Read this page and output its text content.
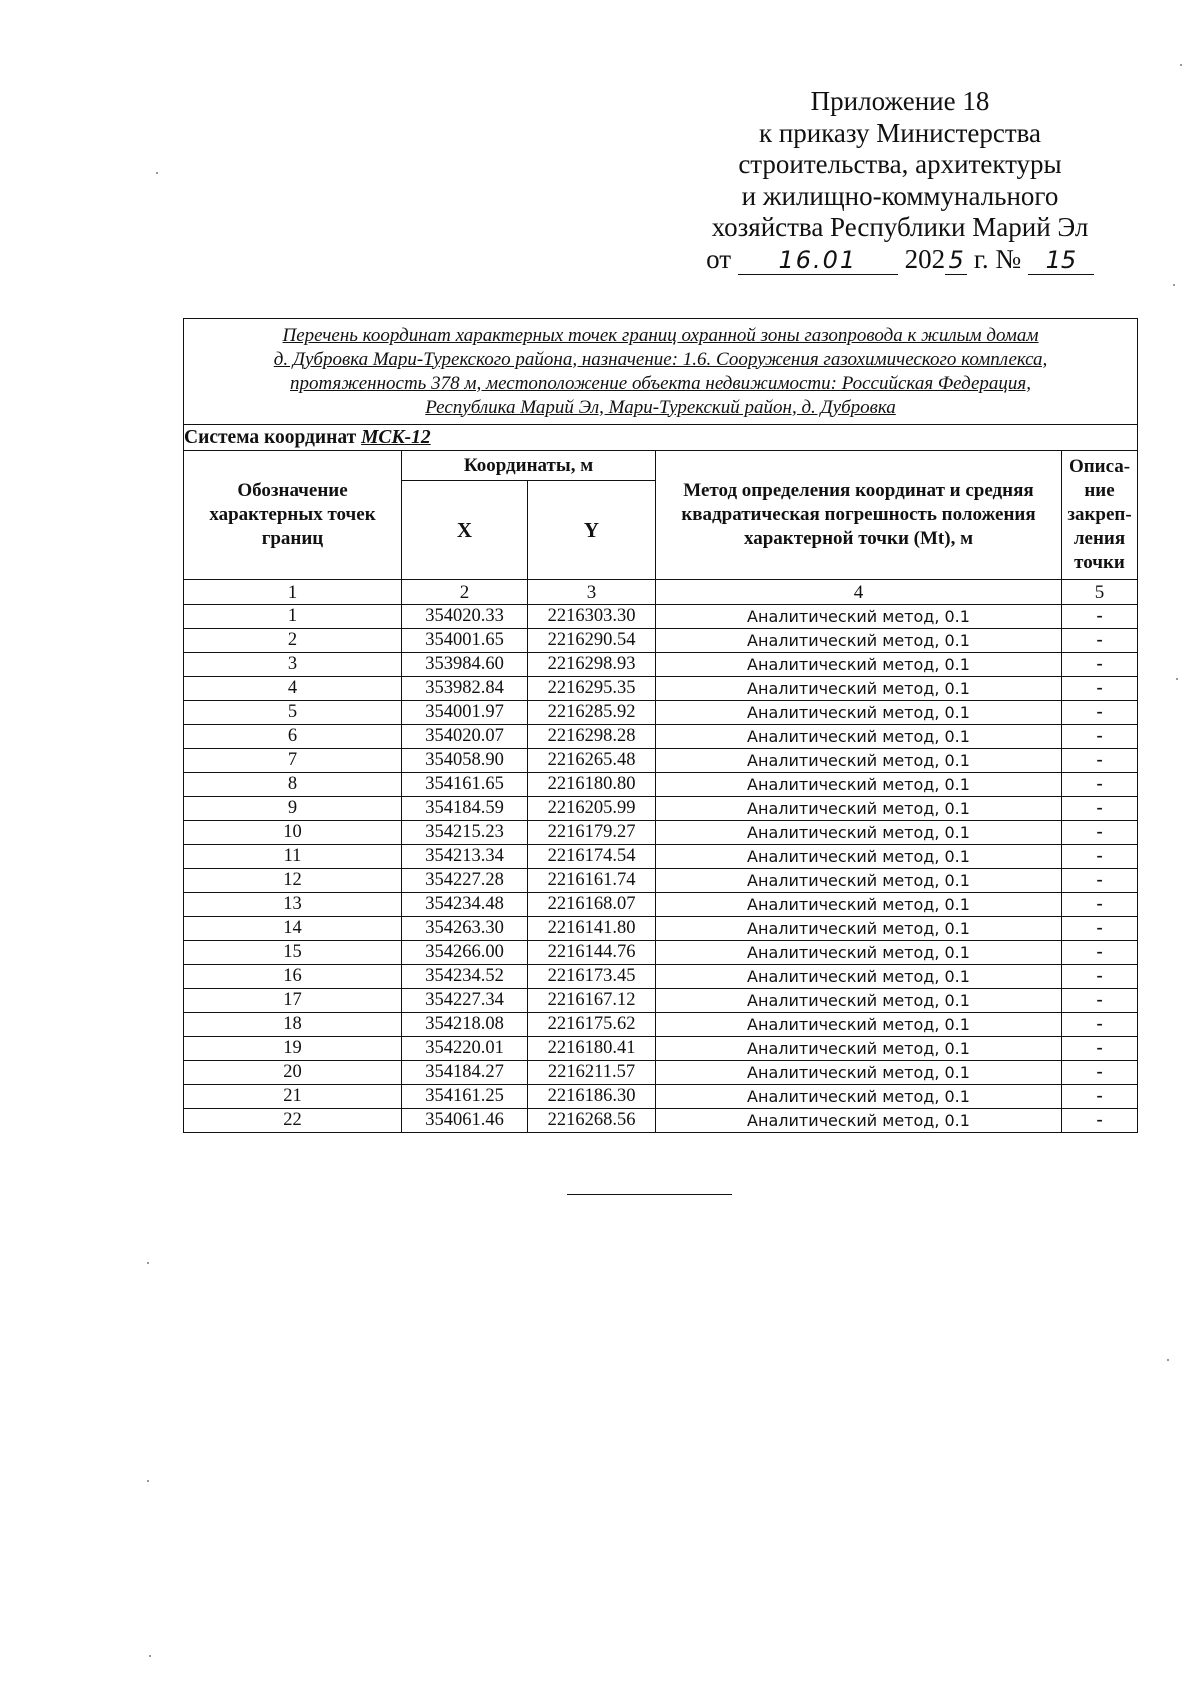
Приложение 18
к приказу Министерства
строительства, архитектуры
и жилищно-коммунального
хозяйства Республики Марий Эл
от 16.01 202 5 г. № 15
Перечень координат характерных точек границ охранной зоны газопровода к жилым домам
д. Дубровка Мари-Турекского района, назначение: 1.6. Сооружения газохимического комплекса,
протяженность 378 м, местоположение объекта недвижимости: Российская Федерация,
Республика Марий Эл, Мари-Турекский район, д. Дубровка				

Система координат МСК-12				
Обозначение характерных точек границ	Координаты, м		Метод определения координат и средняя квадратическая погрешность положения характерной точки (Mt), м	Описа-ние закреп-ления точки
	X	Y		
1	2	3	4	5
1	354020.33	2216303.30	Аналитический метод, 0.1	-
2	354001.65	2216290.54	Аналитический метод, 0.1	-
3	353984.60	2216298.93	Аналитический метод, 0.1	-
4	353982.84	2216295.35	Аналитический метод, 0.1	-
5	354001.97	2216285.92	Аналитический метод, 0.1	-
6	354020.07	2216298.28	Аналитический метод, 0.1	-
7	354058.90	2216265.48	Аналитический метод, 0.1	-
8	354161.65	2216180.80	Аналитический метод, 0.1	-
9	354184.59	2216205.99	Аналитический метод, 0.1	-
10	354215.23	2216179.27	Аналитический метод, 0.1	-
11	354213.34	2216174.54	Аналитический метод, 0.1	-
12	354227.28	2216161.74	Аналитический метод, 0.1	-
13	354234.48	2216168.07	Аналитический метод, 0.1	-
14	354263.30	2216141.80	Аналитический метод, 0.1	-
15	354266.00	2216144.76	Аналитический метод, 0.1	-
16	354234.52	2216173.45	Аналитический метод, 0.1	-
17	354227.34	2216167.12	Аналитический метод, 0.1	-
18	354218.08	2216175.62	Аналитический метод, 0.1	-
19	354220.01	2216180.41	Аналитический метод, 0.1	-
20	354184.27	2216211.57	Аналитический метод, 0.1	-
21	354161.25	2216186.30	Аналитический метод, 0.1	-
22	354061.46	2216268.56	Аналитический метод, 0.1	-
